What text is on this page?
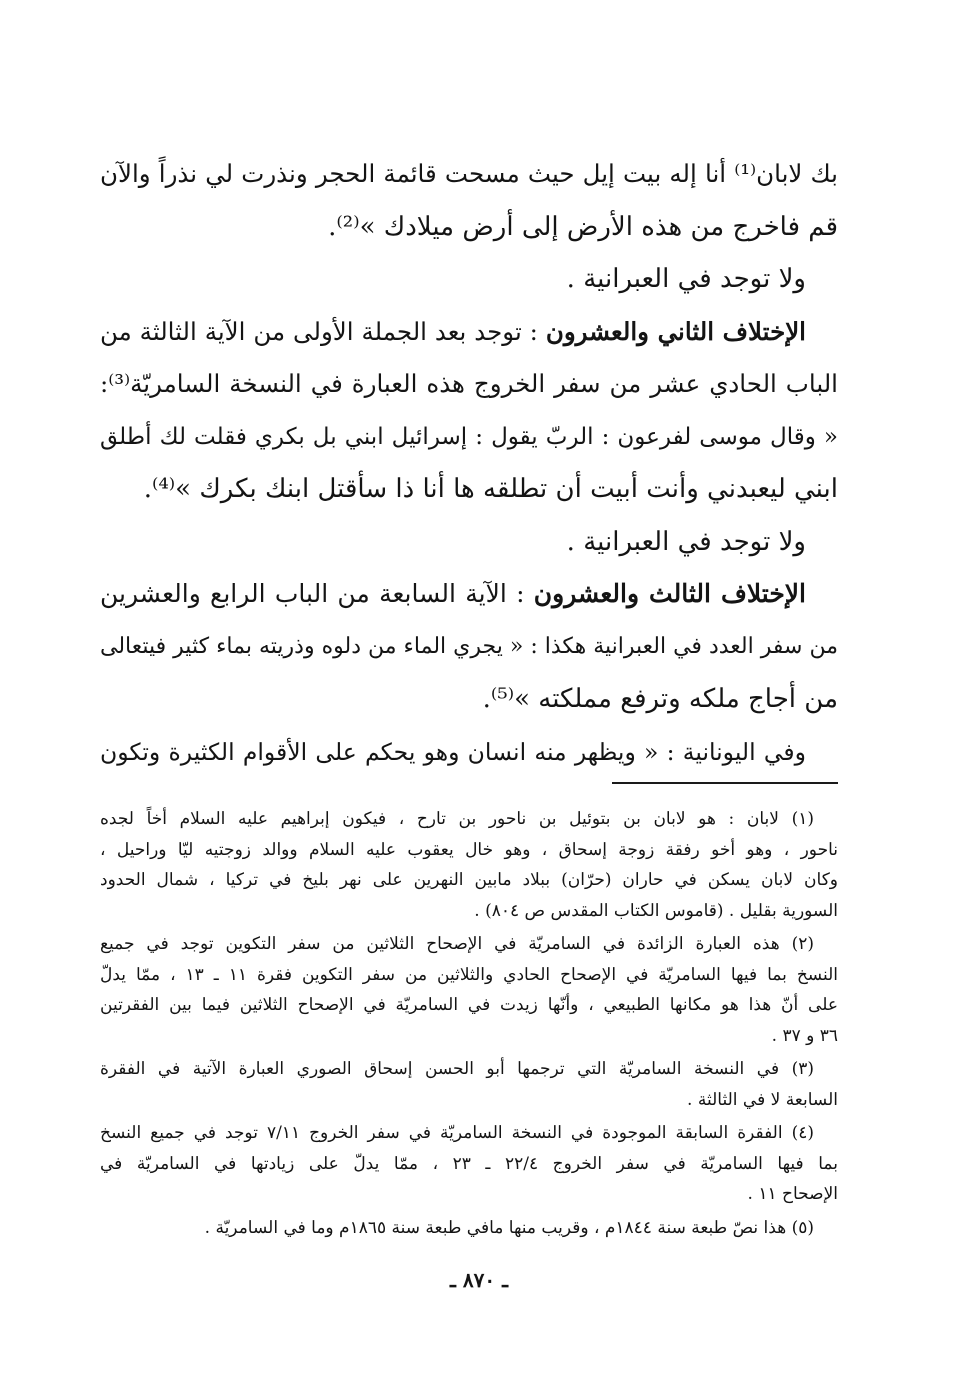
بك لابان⁽¹⁾ أنا إله بيت إيل حيث مسحت قائمة الحجر ونذرت لي نذراً والآن
قم فاخرج من هذه الأرض إلى أرض ميلادك »⁽²⁾.
ولا توجد في العبرانية .
الإختلاف الثاني والعشرون : توجد بعد الجملة الأولى من الآية الثالثة من
الباب الحادي عشر من سفر الخروج هذه العبارة في النسخة السامريّة⁽³⁾:
« وقال موسى لفرعون : الربّ يقول : إسرائيل ابني بل بكري فقلت لك أطلق
ابني ليعبدني وأنت أبيت أن تطلقه ها أنا ذا سأقتل ابنك بكرك »⁽⁴⁾.
ولا توجد في العبرانية .
الإختلاف الثالث والعشرون : الآية السابعة من الباب الرابع والعشرين
من سفر العدد في العبرانية هكذا : « يجري الماء من دلوه وذريته بماء كثير فيتعالى
من أجاج ملكه وترفع مملكته »⁽⁵⁾.
وفي اليونانية : « ويظهر منه انسان وهو يحكم على الأقوام الكثيرة وتكون
(١) لابان : هو لابان بن بتوئيل بن ناحور بن تارح ، فيكون إبراهيم عليه السلام أخاً لجده
ناحور ، وهو أخو رفقة زوجة إسحاق ، وهو خال يعقوب عليه السلام ووالد زوجتيه ليّا وراحيل ،
وكان لابان يسكن في حاران (حرّان) ببلاد مابين النهرين على نهر بليخ في تركيا ، شمال الحدود
السورية بقليل . (قاموس الكتاب المقدس ص ٨٠٤) .
(٢) هذه العبارة الزائدة في السامريّة في الإصحاح الثلاثين من سفر التكوين توجد في جميع
النسخ بما فيها السامريّة في الإصحاح الحادي والثلاثين من سفر التكوين فقرة ١١ ـ ١٣ ، ممّا يدلّ
على أنّ هذا هو مكانها الطبيعي ، وأنّها زيدت في السامريّة في الإصحاح الثلاثين فيما بين الفقرتين
٣٦ و ٣٧ .
(٣) في النسخة السامريّة التي ترجمها أبو الحسن إسحاق الصوري العبارة الآتية في الفقرة
السابعة لا في الثالثة .
(٤) الفقرة السابقة الموجودة في النسخة السامريّة في سفر الخروج ٧/١١ توجد في جميع النسخ
بما فيها السامريّة في سفر الخروج ٢٢/٤ ـ ٢٣ ، ممّا يدلّ على زيادتها في السامريّة في
الإصحاح ١١ .
(٥) هذا نصّ طبعة سنة ١٨٤٤م ، وقريب منها مافي طبعة سنة ١٨٦٥م وما في السامريّة .
ـ ٨٧٠ ـ
